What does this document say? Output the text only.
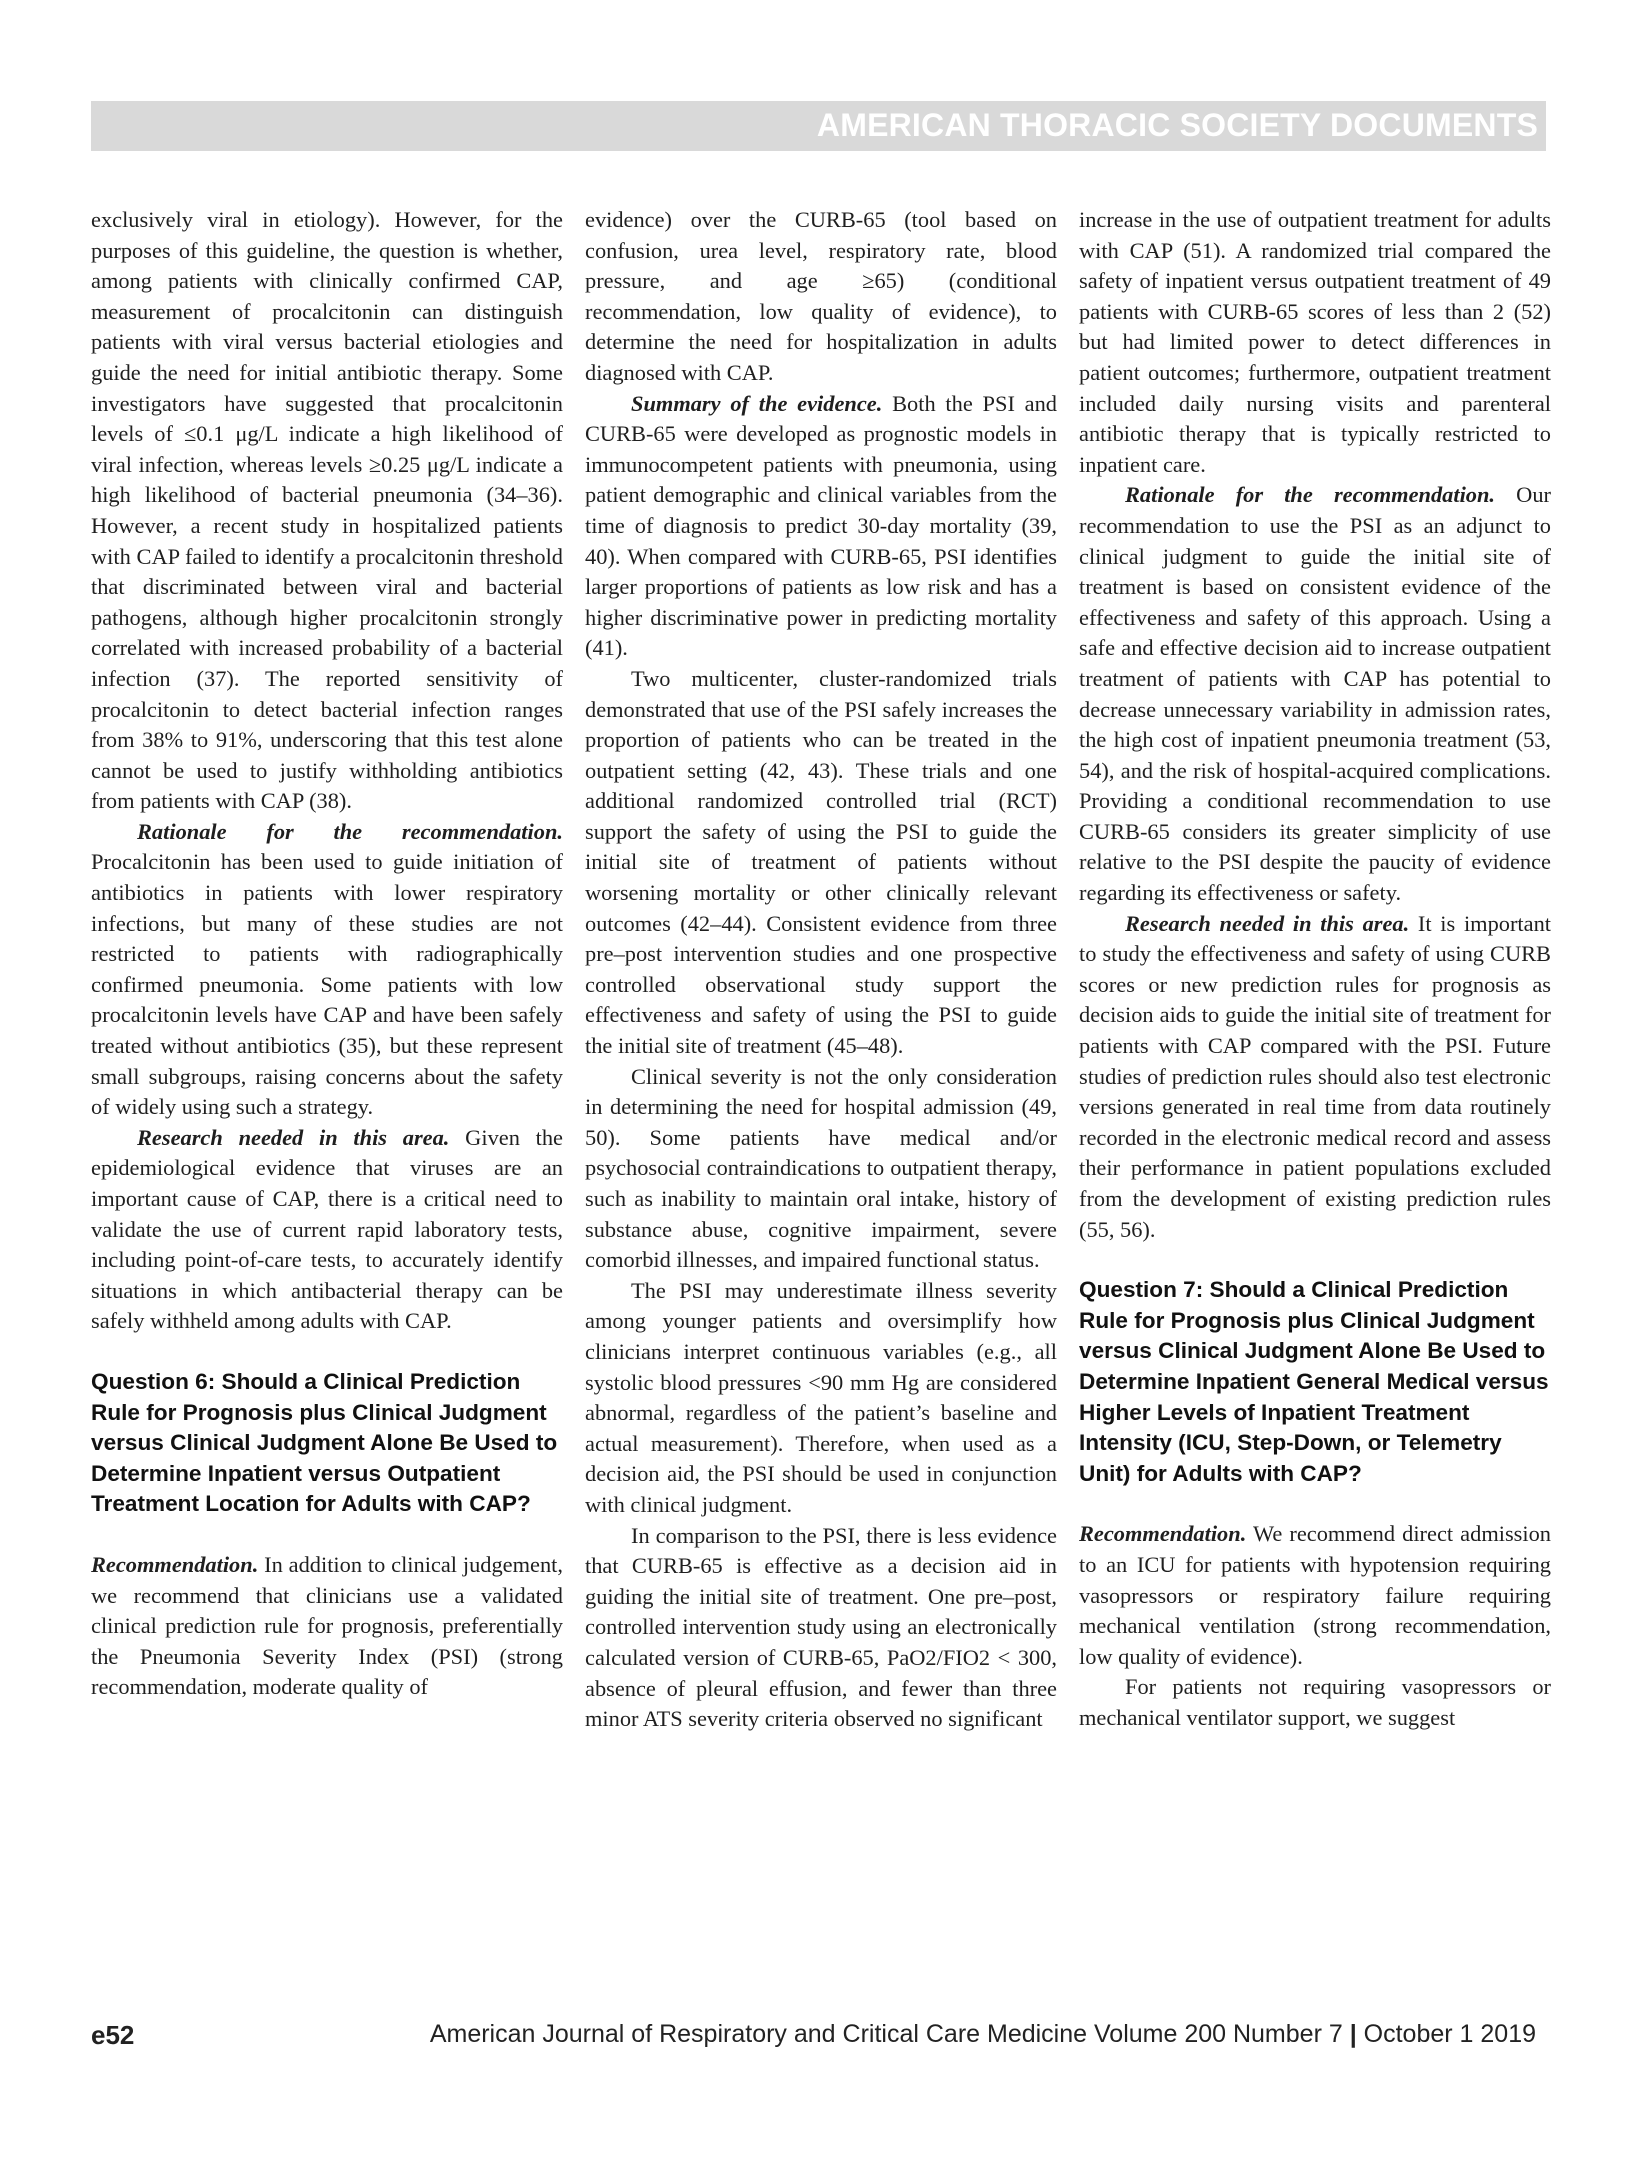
AMERICAN THORACIC SOCIETY DOCUMENTS

exclusively viral in etiology). However, for the purposes of this guideline, the question is whether, among patients with clinically confirmed CAP, measurement of procalcitonin can distinguish patients with viral versus bacterial etiologies and guide the need for initial antibiotic therapy. Some investigators have suggested that procalcitonin levels of ≤0.1 μg/L indicate a high likelihood of viral infection, whereas levels ≥0.25 μg/L indicate a high likelihood of bacterial pneumonia (34–36). However, a recent study in hospitalized patients with CAP failed to identify a procalcitonin threshold that discriminated between viral and bacterial pathogens, although higher procalcitonin strongly correlated with increased probability of a bacterial infection (37). The reported sensitivity of procalcitonin to detect bacterial infection ranges from 38% to 91%, underscoring that this test alone cannot be used to justify withholding antibiotics from patients with CAP (38).

Rationale for the recommendation. Procalcitonin has been used to guide initiation of antibiotics in patients with lower respiratory infections, but many of these studies are not restricted to patients with radiographically confirmed pneumonia. Some patients with low procalcitonin levels have CAP and have been safely treated without antibiotics (35), but these represent small subgroups, raising concerns about the safety of widely using such a strategy.

Research needed in this area. Given the epidemiological evidence that viruses are an important cause of CAP, there is a critical need to validate the use of current rapid laboratory tests, including point-of-care tests, to accurately identify situations in which antibacterial therapy can be safely withheld among adults with CAP.

Question 6: Should a Clinical Prediction Rule for Prognosis plus Clinical Judgment versus Clinical Judgment Alone Be Used to Determine Inpatient versus Outpatient Treatment Location for Adults with CAP?

Recommendation. In addition to clinical judgement, we recommend that clinicians use a validated clinical prediction rule for prognosis, preferentially the Pneumonia Severity Index (PSI) (strong recommendation, moderate quality of

evidence) over the CURB-65 (tool based on confusion, urea level, respiratory rate, blood pressure, and age ≥65) (conditional recommendation, low quality of evidence), to determine the need for hospitalization in adults diagnosed with CAP.

Summary of the evidence. Both the PSI and CURB-65 were developed as prognostic models in immunocompetent patients with pneumonia, using patient demographic and clinical variables from the time of diagnosis to predict 30-day mortality (39, 40). When compared with CURB-65, PSI identifies larger proportions of patients as low risk and has a higher discriminative power in predicting mortality (41).

Two multicenter, cluster-randomized trials demonstrated that use of the PSI safely increases the proportion of patients who can be treated in the outpatient setting (42, 43). These trials and one additional randomized controlled trial (RCT) support the safety of using the PSI to guide the initial site of treatment of patients without worsening mortality or other clinically relevant outcomes (42–44). Consistent evidence from three pre–post intervention studies and one prospective controlled observational study support the effectiveness and safety of using the PSI to guide the initial site of treatment (45–48).

Clinical severity is not the only consideration in determining the need for hospital admission (49, 50). Some patients have medical and/or psychosocial contraindications to outpatient therapy, such as inability to maintain oral intake, history of substance abuse, cognitive impairment, severe comorbid illnesses, and impaired functional status.

The PSI may underestimate illness severity among younger patients and oversimplify how clinicians interpret continuous variables (e.g., all systolic blood pressures <90 mm Hg are considered abnormal, regardless of the patient’s baseline and actual measurement). Therefore, when used as a decision aid, the PSI should be used in conjunction with clinical judgment.

In comparison to the PSI, there is less evidence that CURB-65 is effective as a decision aid in guiding the initial site of treatment. One pre–post, controlled intervention study using an electronically calculated version of CURB-65, PaO2/FIO2 < 300, absence of pleural effusion, and fewer than three minor ATS severity criteria observed no significant

increase in the use of outpatient treatment for adults with CAP (51). A randomized trial compared the safety of inpatient versus outpatient treatment of 49 patients with CURB-65 scores of less than 2 (52) but had limited power to detect differences in patient outcomes; furthermore, outpatient treatment included daily nursing visits and parenteral antibiotic therapy that is typically restricted to inpatient care.

Rationale for the recommendation. Our recommendation to use the PSI as an adjunct to clinical judgment to guide the initial site of treatment is based on consistent evidence of the effectiveness and safety of this approach. Using a safe and effective decision aid to increase outpatient treatment of patients with CAP has potential to decrease unnecessary variability in admission rates, the high cost of inpatient pneumonia treatment (53, 54), and the risk of hospital-acquired complications. Providing a conditional recommendation to use CURB-65 considers its greater simplicity of use relative to the PSI despite the paucity of evidence regarding its effectiveness or safety.

Research needed in this area. It is important to study the effectiveness and safety of using CURB scores or new prediction rules for prognosis as decision aids to guide the initial site of treatment for patients with CAP compared with the PSI. Future studies of prediction rules should also test electronic versions generated in real time from data routinely recorded in the electronic medical record and assess their performance in patient populations excluded from the development of existing prediction rules (55, 56).

Question 7: Should a Clinical Prediction Rule for Prognosis plus Clinical Judgment versus Clinical Judgment Alone Be Used to Determine Inpatient General Medical versus Higher Levels of Inpatient Treatment Intensity (ICU, Step-Down, or Telemetry Unit) for Adults with CAP?

Recommendation. We recommend direct admission to an ICU for patients with hypotension requiring vasopressors or respiratory failure requiring mechanical ventilation (strong recommendation, low quality of evidence).

For patients not requiring vasopressors or mechanical ventilator support, we suggest

e52	American Journal of Respiratory and Critical Care Medicine Volume 200 Number 7 | October 1 2019
